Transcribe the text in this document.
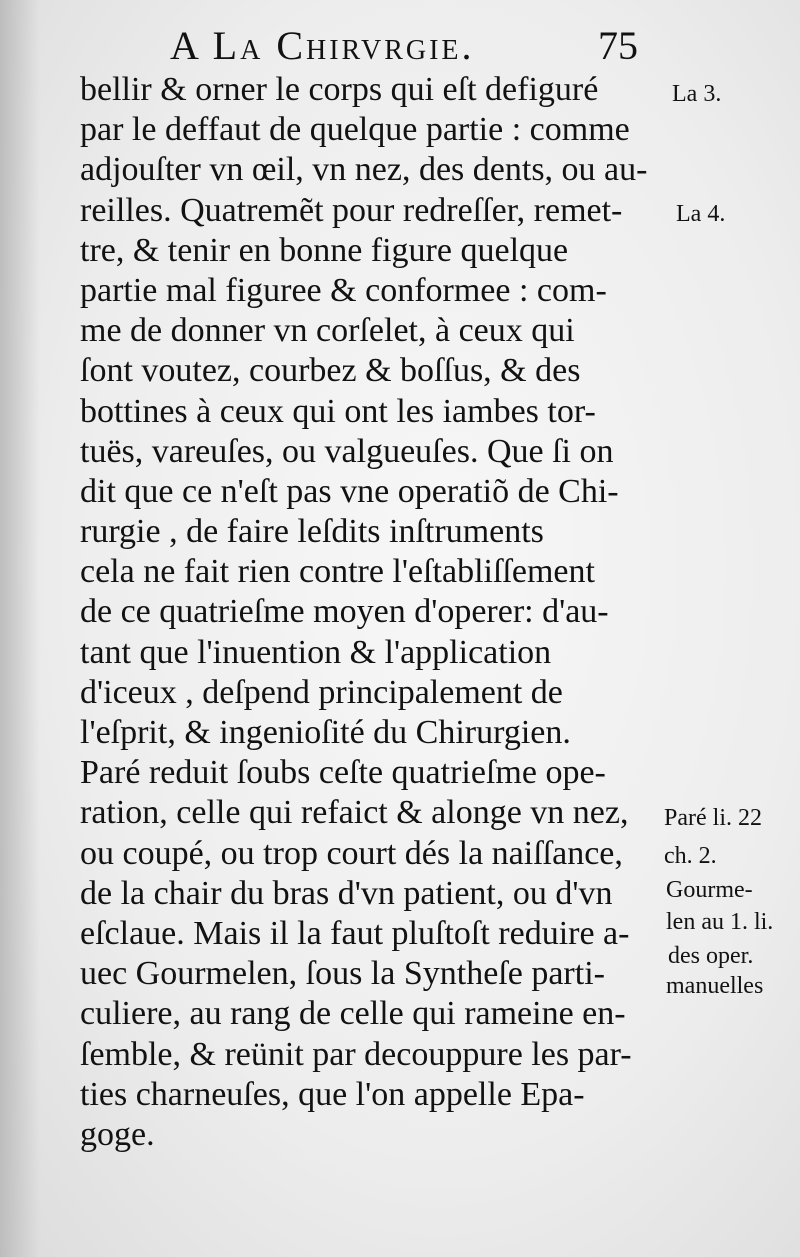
A La Chirvrgie.	75
bellir & orner le corps qui eſt defiguré
par le deffaut de quelque partie : comme
adjouſter vn œil, vn nez, des dents, ou au-
reilles. Quatremẽt pour redreſſer, remet-
tre, & tenir en bonne figure quelque
partie mal figuree & conformee : com-
me de donner vn corſelet, à ceux qui
ſont voutez, courbez & boſſus, & des
bottines à ceux qui ont les iambes tor-
tuës, vareuſes, ou valgueuſes. Que ſi on
dit que ce n'eſt pas vne operatiõ de Chi-
rurgie , de faire leſdits inſtruments
cela ne fait rien contre l'eſtabliſſement
de ce quatrieſme moyen d'operer: d'au-
tant que l'inuention & l'application
d'iceux , deſpend principalement de
l'eſprit, & ingenioſité du Chirurgien.
Paré reduit ſoubs ceſte quatrieſme ope-
ration, celle qui refaict & alonge vn nez,
ou coupé, ou trop court dés la naiſſance,
de la chair du bras d'vn patient, ou d'vn
eſclaue. Mais il la faut pluſtoſt reduire a-
uec Gourmelen, ſous la Syntheſe parti-
culiere, au rang de celle qui rameine en-
ſemble, & reünit par decouppure les par-
ties charneuſes, que l'on appelle Epa-
goge.
La 3.
La 4.
Paré li. 22
ch. 2.
Gourme-
len au 1. li.
des oper.
manuelles
